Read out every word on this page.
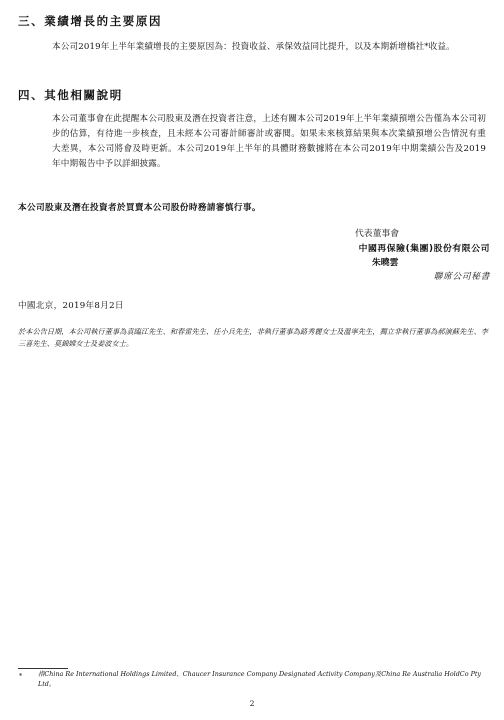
三、業績增長的主要原因
本公司2019年上半年業績增長的主要原因為：投資收益、承保效益同比提升，以及本期新增橋社*收益。
四、其他相關說明
本公司董事會在此提醒本公司股東及潛在投資者注意，上述有關本公司2019年上半年業績預增公告僅為本公司初步的估算，有待進一步核查，且未經本公司審計師審計或審閱。如果未來核算結果與本次業績預增公告情況有重大差異，本公司將會及時更新。本公司2019年上半年的具體財務數據將在本公司2019年中期業績公告及2019年中期報告中予以詳細披露。
本公司股東及潛在投資者於買賣本公司股份時務請審慎行事。
代表董事會
中國再保險(集團)股份有限公司
朱曉雲
聯席公司秘書
中國北京，2019年8月2日
於本公告日期，本公司執行董事為袁臨江先生、和春雷先生、任小兵先生，非執行董事為路秀麗女士及溫寧先生，獨立非執行董事為郝演蘇先生、李三喜先生、莫錦嫦女士及姜波女士。
* 指China Re International Holdings Limited、Chaucer Insurance Company Designated Activity Company及China Re Australia HoldCo Pty Ltd。
2
